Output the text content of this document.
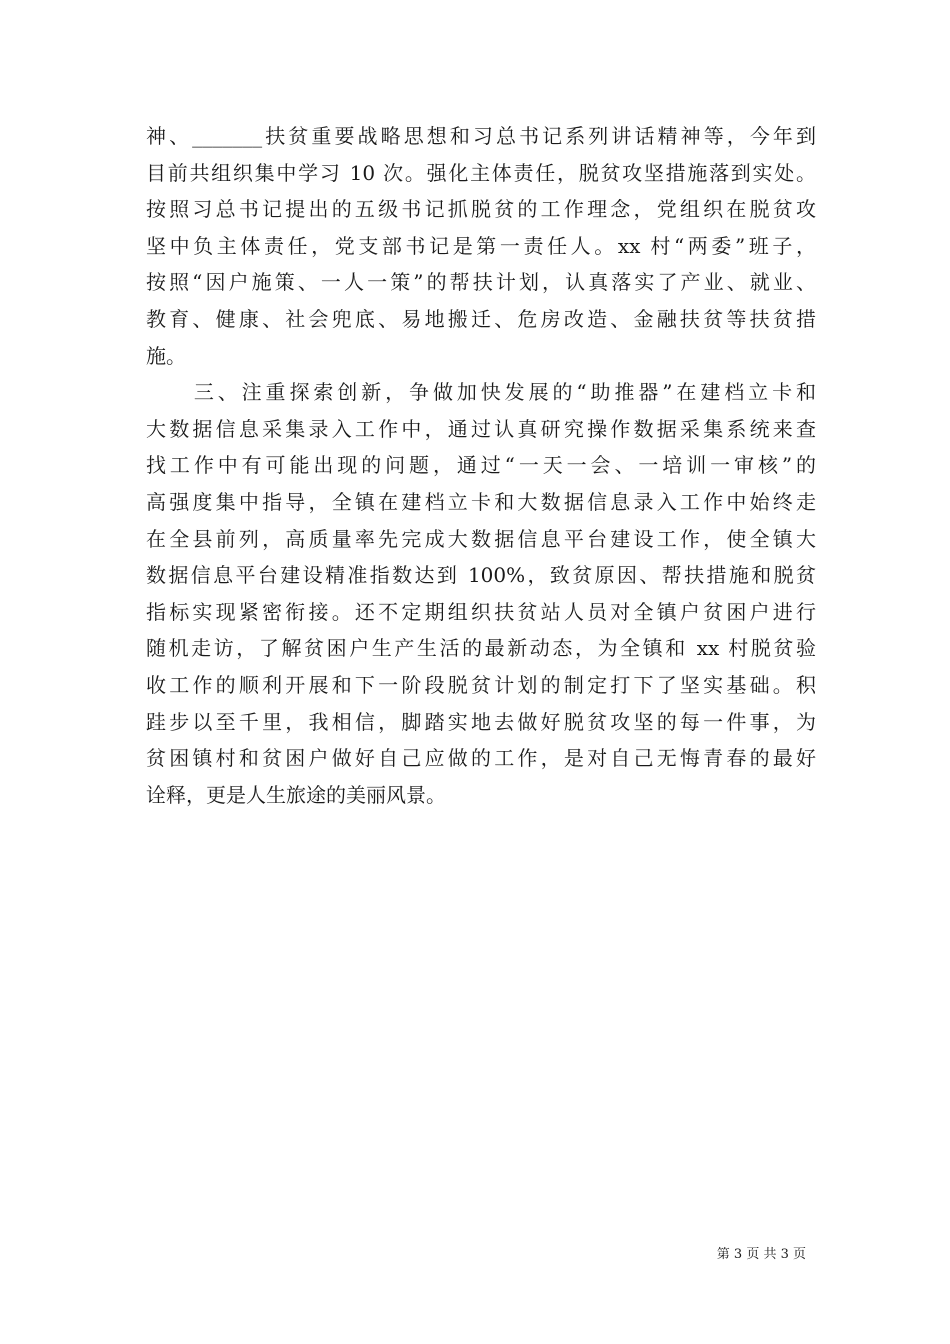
神、_______扶贫重要战略思想和习总书记系列讲话精神等，今年到
目前共组织集中学习 10 次。强化主体责任，脱贫攻坚措施落到实处。
按照习总书记提出的五级书记抓脱贫的工作理念，党组织在脱贫攻
坚中负主体责任，党支部书记是第一责任人。xx 村“两委”班子，
按照“因户施策、一人一策”的帮扶计划，认真落实了产业、就业、
教育、健康、社会兜底、易地搬迁、危房改造、金融扶贫等扶贫措
施。
　　三、注重探索创新，争做加快发展的“助推器”在建档立卡和
大数据信息采集录入工作中，通过认真研究操作数据采集系统来查
找工作中有可能出现的问题，通过“一天一会、一培训一审核”的
高强度集中指导，全镇在建档立卡和大数据信息录入工作中始终走
在全县前列，高质量率先完成大数据信息平台建设工作，使全镇大
数据信息平台建设精准指数达到 100%，致贫原因、帮扶措施和脱贫
指标实现紧密衔接。还不定期组织扶贫站人员对全镇户贫困户进行
随机走访，了解贫困户生产生活的最新动态，为全镇和 xx 村脱贫验
收工作的顺利开展和下一阶段脱贫计划的制定打下了坚实基础。积
跬步以至千里，我相信，脚踏实地去做好脱贫攻坚的每一件事，为
贫困镇村和贫困户做好自己应做的工作，是对自己无悔青春的最好
诠释，更是人生旅途的美丽风景。
第 3 页 共 3 页
